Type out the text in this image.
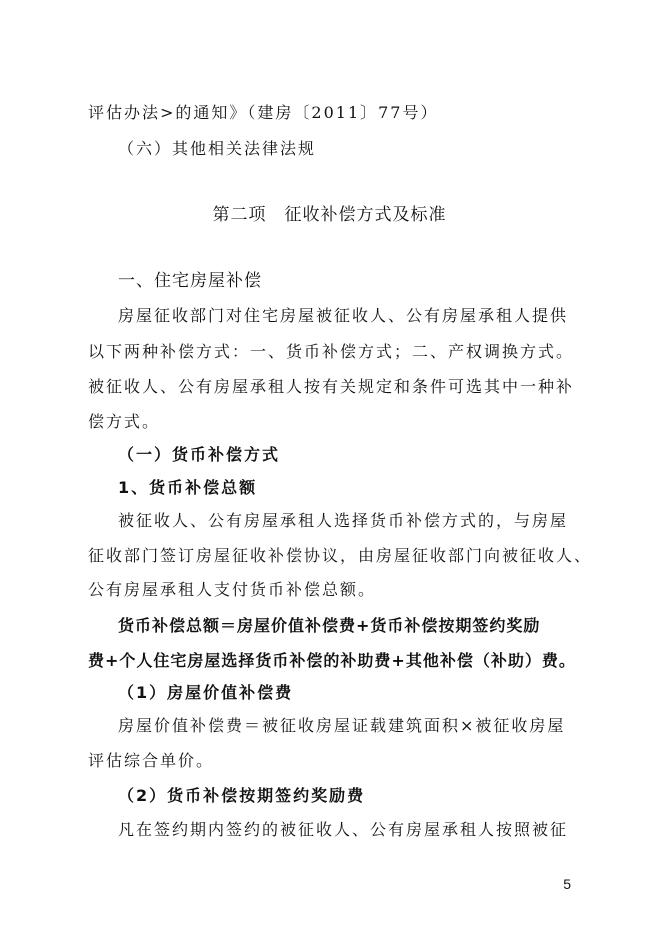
评估办法>的通知》（建房〔2011〕77号）
（六）其他相关法律法规
第二项　征收补偿方式及标准
一、住宅房屋补偿
房屋征收部门对住宅房屋被征收人、公有房屋承租人提供
以下两种补偿方式：一、货币补偿方式；二、产权调换方式。
被征收人、公有房屋承租人按有关规定和条件可选其中一种补
偿方式。
（一）货币补偿方式
1、货币补偿总额
被征收人、公有房屋承租人选择货币补偿方式的，与房屋
征收部门签订房屋征收补偿协议，由房屋征收部门向被征收人、
公有房屋承租人支付货币补偿总额。
货币补偿总额＝房屋价值补偿费+货币补偿按期签约奖励
费+个人住宅房屋选择货币补偿的补助费+其他补偿（补助）费。
（1）房屋价值补偿费
房屋价值补偿费＝被征收房屋证载建筑面积×被征收房屋
评估综合单价。
（2）货币补偿按期签约奖励费
凡在签约期内签约的被征收人、公有房屋承租人按照被征
5
